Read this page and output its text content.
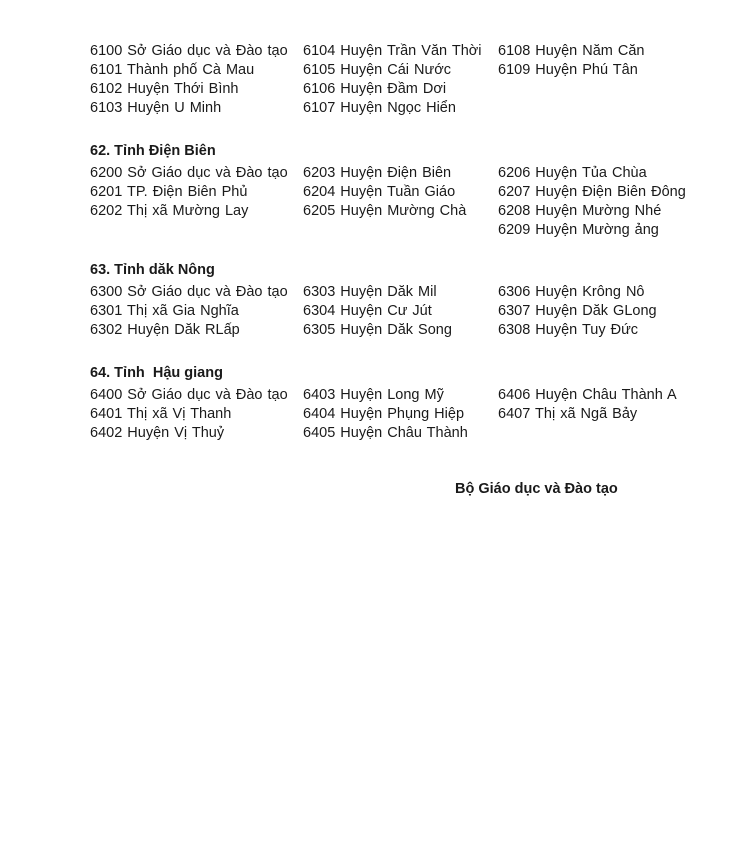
6100 Sở Giáo dục và Đào tạo
6101 Thành phố Cà Mau
6102 Huyện Thới Bình
6103 Huyện U Minh
6104 Huyện Trần Văn Thời
6105 Huyện Cái Nước
6106 Huyện Đầm Dơi
6107 Huyện Ngọc Hiển
6108 Huyện Năm Căn
6109 Huyện Phú Tân
62. Tỉnh Điện Biên
6200 Sở Giáo dục và Đào tạo
6201 TP. Điện Biên Phủ
6202 Thị xã Mường Lay
6203 Huyện Điện Biên
6204 Huyện Tuần Giáo
6205 Huyện Mường Chà
6206 Huyện Tủa Chùa
6207 Huyện Điện Biên Đông
6208 Huyện Mường Nhé
6209 Huyện Mường ảng
63. Tỉnh dăk Nông
6300 Sở Giáo dục và Đào tạo
6301 Thị xã Gia Nghĩa
6302 Huyện Dăk RLấp
6303 Huyện Dăk Mil
6304 Huyện Cư Jút
6305 Huyện Dăk Song
6306 Huyện Krông Nô
6307 Huyện Dăk GLong
6308 Huyện Tuy Đức
64. Tỉnh  Hậu giang
6400 Sở Giáo dục và Đào tạo
6401 Thị xã Vị Thanh
6402 Huyện Vị Thuỷ
6403 Huyện Long Mỹ
6404 Huyện Phụng Hiệp
6405 Huyện Châu Thành
6406 Huyện Châu Thành A
6407 Thị xã Ngã Bảy
Bộ Giáo dục và Đào tạo
